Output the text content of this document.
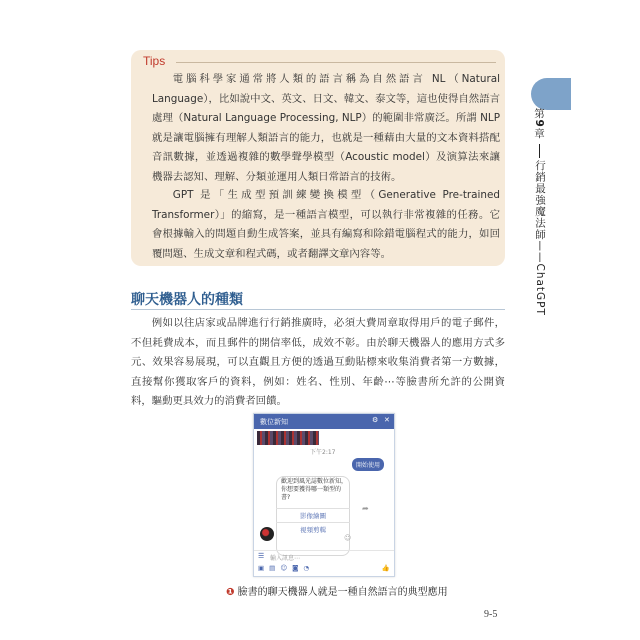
Tips

電腦科學家通常將人類的語言稱為自然語言 NL（Natural Language），比如說中文、英文、日文、韓文、泰文等，這也使得自然語言處理（Natural Language Processing, NLP）的範圍非常廣泛。所謂 NLP 就是讓電腦擁有理解人類語言的能力，也就是一種藉由大量的文本資料搭配音訊數據，並透過複雜的數學聲學模型（Acoustic model）及演算法來讓機器去認知、理解、分類並運用人類日常語言的技術。

GPT 是「生成型預訓練變換模型（Generative Pre-trained Transformer）」的縮寫，是一種語言模型，可以執行非常複雜的任務。它會根據輸入的問題自動生成答案，並具有編寫和除錯電腦程式的能力，如回覆問題、生成文章和程式碼，或者翻譯文章內容等。

第9章
行銷最強魔法師——ChatGPT
聊天機器人的種類

例如以往店家或品牌進行行銷推廣時，必須大費周章取得用戶的電子郵件，不但耗費成本，而且郵件的開信率低，成效不彰。由於聊天機器人的應用方式多元、效果容易展現，可以直觀且方便的透過互動貼標來收集消費者第一方數據，直接幫你獲取客戶的資料，例如：姓名、性別、年齡⋯等臉書所允許的公開資料，驅動更具效力的消費者回饋。

數位新知	⚙ ✕
下午2:17
開始使用

歡迎到風光誌數位新知，你想要獲得哪一類型的書?

影像繪圖
視頻剪輯
➦
☺
☰ 輸入訊息⋯
▣ ▤ ☺ ◙ ◔	👍

❶ 臉書的聊天機器人就是一種自然語言的典型應用

9-5
